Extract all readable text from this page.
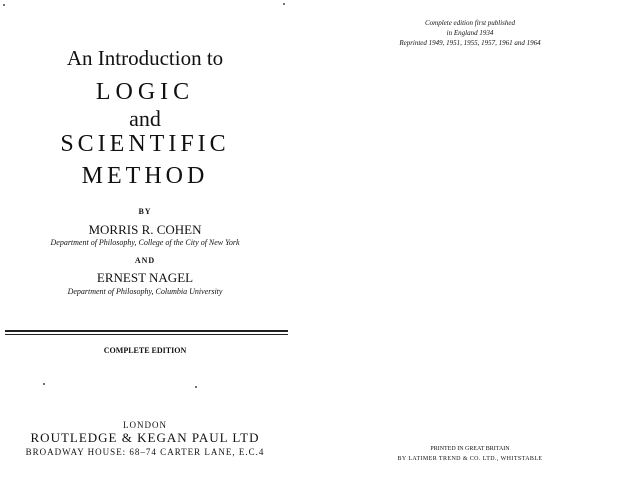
An Introduction to
LOGIC
and
SCIENTIFIC
METHOD
BY
MORRIS R. COHEN
Department of Philosophy, College of the City of New York
AND
ERNEST NAGEL
Department of Philosophy, Columbia University
COMPLETE EDITION
LONDON
ROUTLEDGE & KEGAN PAUL LTD
BROADWAY HOUSE: 68–74 CARTER LANE, E.C.4
Complete edition first published
in England 1934
Reprinted 1949, 1951, 1955, 1957, 1961 and 1964
PRINTED IN GREAT BRITAIN
BY LATIMER TREND & CO. LTD., WHITSTABLE
